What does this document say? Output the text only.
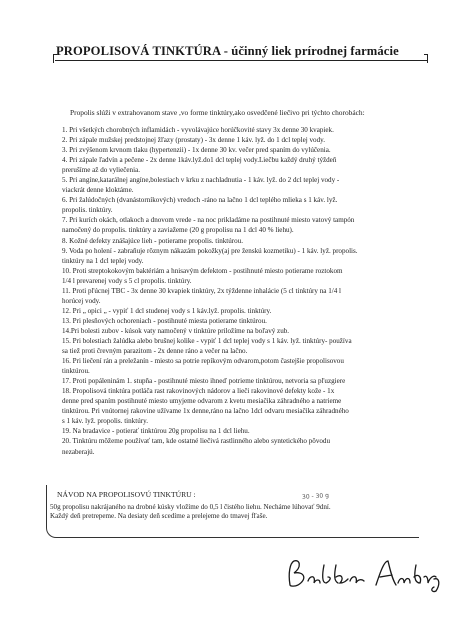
PROPOLISOVÁ TINKTÚRA - účinný liek prírodnej farmácie
Propolis slúži v extrahovanom stave ,vo forme tinktúry,ako osvedčené liečivo pri týchto chorobách:
1. Pri všetkých chorobných inflamidách - vyvolávajúce horúčkovité stavy 3x denne 30 kvapiek.
2. Pri zápale mužskej predstojnej žľazy (prostaty) - 3x denne 1 káv. lyž. do 1 dcl teplej vody.
3. Pri zvýšenom krvnom tlaku (hypertenzii) - 1x denne 30 kv. večer pred spaním do vylúčenia.
4. Pri zápale ľadvín a pečene - 2x denne 1káv.lyž.do1 dcl teplej vody.Liečbu každý druhý týždeň
prerušíme až do vyliečenia.
5. Pri angíne,katarálnej angíne,bolestiach v krku z nachladnutia - 1 káv. lyž. do 2 dcl teplej vody -
viackrát denne kloktáme.
6. Pri žalúdočných (dvanástorníkových) vredoch -ráno na lačno 1 dcl teplého mlieka s 1 káv. lyž.
propolis. tinktúry.
7. Pri kurích okách, otlakoch a dnovom vrede - na noc prikladáme na postihnuté miesto vatový tampón
namočený do propolis. tinktúry a zaviažeme (20 g propolisu na 1 dcl 40 % liehu).
8. Kožné defekty znášajúce lieh - potierame propolis. tinktúrou.
9. Voda po holení - zabraňuje rôznym nákazám pokožky(aj pre ženskú kozmetiku) - 1 káv. lyž. propolis.
tinktúry na 1 dcl teplej vody.
10. Proti streptokokovým baktériám a hnisavým defektom - postihnuté miesto potierame roztokom
1/4 l prevarenej vody s 5 cl propolis. tinktúry.
11. Proti pľúcnej TBC - 3x denne 30 kvapiek tinktúry, 2x týždenne inhalácie (5 cl tinktúry na 1/4 l
horúcej vody.
12. Pri „ opici „ - vypiť 1 dcl studenej vody s 1 káv.lyž. propolis. tinktúry.
13. Pri plesňových ochoreniach - postihnuté miesta potierame tinktúrou.
14.Pri bolesti zubov - kúsok vaty namočený v tinktúre priložíme na boľavý zub.
15. Pri bolestiach žalúdka alebo brušnej kolike - vypiť 1 dcl teplej vody s 1 káv. lyž. tinktúry- používa
sa tiež proti črevným parazitom - 2x denne ráno a večer na lačno.
16. Pri liečení rán a preležanín - miesto sa potrie repíkovým odvarom,potom častejšie propolisovou
tinktúrou.
17. Proti popáleninám 1. stupňa - postihnuté miesto ihneď potrieme tinktúrou, netvoria sa pľuzgiere
18. Propolisová tinktúra potláča rast rakovinových nádorov a lieči rakovinové defekty kože - 1x
denne pred spaním postihnuté miesto umyjeme odvarom z kvetu mesiačika záhradného a natrieme
tinktúrou. Pri vnútornej rakovine užívame 1x denne,ráno na lačno 1dcl odvaru mesiačika záhradného
s 1 káv. lyž. propolis. tinktúry.
19. Na bradavice - potierať tinktúrou 20g propolisu na 1 dcl liehu.
20. Tinktúru môžeme používať tam, kde ostatné liečivá rastlinného alebo syntetického pôvodu
nezaberajú.
NÁVOD NA PROPOLISOVÚ TINKTÚRU :	30 - 30 g
50g propolisu nakrájaného na drobné kúsky vložíme do 0,5 l čistého liehu. Necháme lúhovať 9dní.
Každý deň pretrepeme. Na desiaty deň scedíme a prelejeme do tmavej fľaše.
